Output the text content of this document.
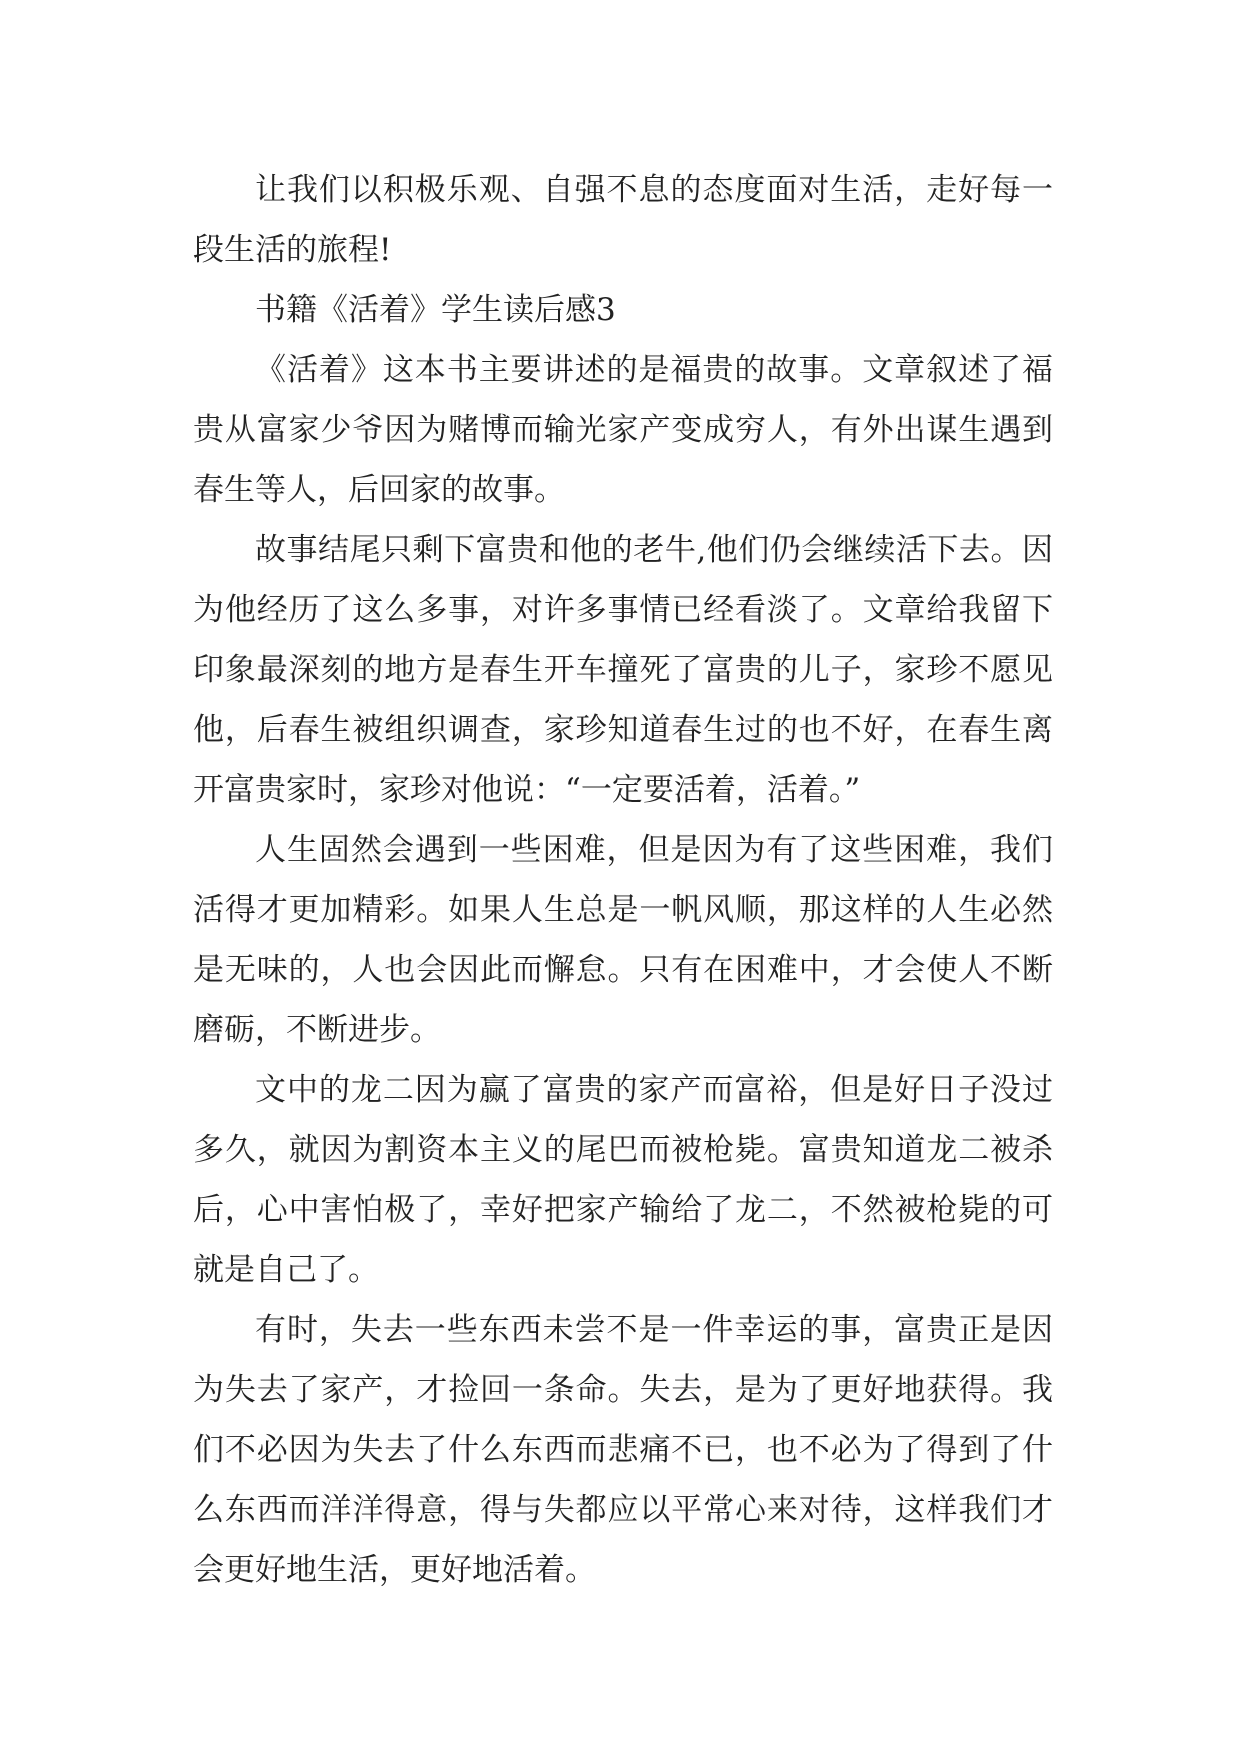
让我们以积极乐观、自强不息的态度面对生活，走好每一段生活的旅程!

书籍《活着》学生读后感3

《活着》这本书主要讲述的是福贵的故事。文章叙述了福贵从富家少爷因为赌博而输光家产变成穷人，有外出谋生遇到春生等人，后回家的故事。

故事结尾只剩下富贵和他的老牛,他们仍会继续活下去。因为他经历了这么多事，对许多事情已经看淡了。文章给我留下印象最深刻的地方是春生开车撞死了富贵的儿子，家珍不愿见他，后春生被组织调查，家珍知道春生过的也不好，在春生离开富贵家时，家珍对他说：“一定要活着，活着。”

人生固然会遇到一些困难，但是因为有了这些困难，我们活得才更加精彩。如果人生总是一帆风顺，那这样的人生必然是无味的，人也会因此而懈怠。只有在困难中，才会使人不断磨砺，不断进步。

文中的龙二因为赢了富贵的家产而富裕，但是好日子没过多久，就因为割资本主义的尾巴而被枪毙。富贵知道龙二被杀后，心中害怕极了，幸好把家产输给了龙二，不然被枪毙的可就是自己了。

有时，失去一些东西未尝不是一件幸运的事，富贵正是因为失去了家产，才捡回一条命。失去，是为了更好地获得。我们不必因为失去了什么东西而悲痛不已，也不必为了得到了什么东西而洋洋得意，得与失都应以平常心来对待，这样我们才会更好地生活，更好地活着。
